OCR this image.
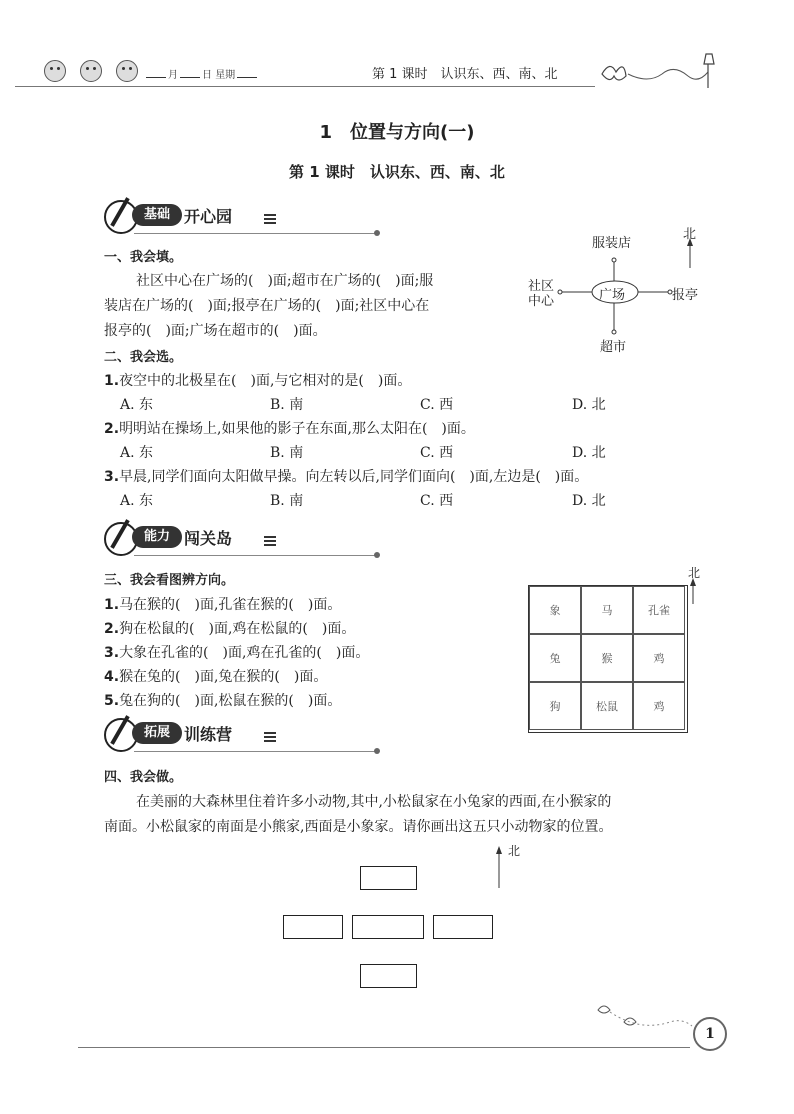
月 日 星期	第 1 课时　认识东、西、南、北
1　位置与方向(一)
第 1 课时　认识东、西、南、北
基础 开心园
一、我会填。
社区中心在广场的(　)面;超市在广场的(　)面;服
装店在广场的(　)面;报亭在广场的(　)面;社区中心在
报亭的(　)面;广场在超市的(　)面。
北
服装店
社区
中心	广场	报亭
超市
二、我会选。
1.夜空中的北极星在(　)面,与它相对的是(　)面。
A. 东	B. 南	C. 西	D. 北
2.明明站在操场上,如果他的影子在东面,那么太阳在(　)面。
A. 东	B. 南	C. 西	D. 北
3.早晨,同学们面向太阳做早操。向左转以后,同学们面向(　)面,左边是(　)面。
A. 东	B. 南	C. 西	D. 北
能力 闯关岛
三、我会看图辨方向。
1.马在猴的(　)面,孔雀在猴的(　)面。
2.狗在松鼠的(　)面,鸡在松鼠的(　)面。
3.大象在孔雀的(　)面,鸡在孔雀的(　)面。
4.猴在兔的(　)面,兔在猴的(　)面。
5.兔在狗的(　)面,松鼠在猴的(　)面。
象	马	孔雀
兔	猴	鸡
狗	松鼠	鸡
北
拓展 训练营
四、我会做。
在美丽的大森林里住着许多小动物,其中,小松鼠家在小兔家的西面,在小猴家的
南面。小松鼠家的南面是小熊家,西面是小象家。请你画出这五只小动物家的位置。
北
1
